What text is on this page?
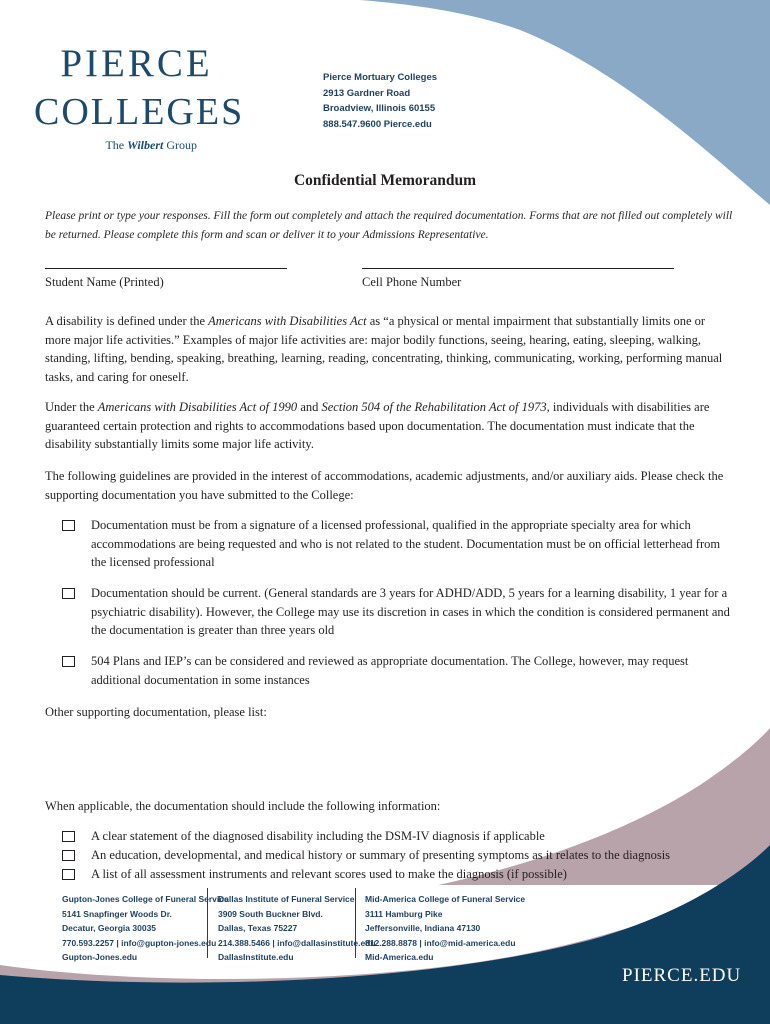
PIERCE
COLLEGES
The Wilbert Group
Pierce Mortuary Colleges
2913 Gardner Road
Broadview, Illinois 60155
888.547.9600 Pierce.edu
Confidential Memorandum
Please print or type your responses. Fill the form out completely and attach the required documentation. Forms that are not filled out completely will be returned. Please complete this form and scan or deliver it to your Admissions Representative.
Student Name (Printed)	Cell Phone Number
A disability is defined under the Americans with Disabilities Act as “a physical or mental impairment that substantially limits one or more major life activities.” Examples of major life activities are: major bodily functions, seeing, hearing, eating, sleeping, walking, standing, lifting, bending, speaking, breathing, learning, reading, concentrating, thinking, communicating, working, performing manual tasks, and caring for oneself.
Under the Americans with Disabilities Act of 1990 and Section 504 of the Rehabilitation Act of 1973, individuals with disabilities are guaranteed certain protection and rights to accommodations based upon documentation. The documentation must indicate that the disability substantially limits some major life activity.
The following guidelines are provided in the interest of accommodations, academic adjustments, and/or auxiliary aids. Please check the supporting documentation you have submitted to the College:
Documentation must be from a signature of a licensed professional, qualified in the appropriate specialty area for which accommodations are being requested and who is not related to the student. Documentation must be on official letterhead from the licensed professional
Documentation should be current. (General standards are 3 years for ADHD/ADD, 5 years for a learning disability, 1 year for a psychiatric disability). However, the College may use its discretion in cases in which the condition is considered permanent and the documentation is greater than three years old
504 Plans and IEP’s can be considered and reviewed as appropriate documentation. The College, however, may request additional documentation in some instances
Other supporting documentation, please list:
When applicable, the documentation should include the following information:
A clear statement of the diagnosed disability including the DSM-IV diagnosis if applicable
An education, developmental, and medical history or summary of presenting symptoms as it relates to the diagnosis
A list of all assessment instruments and relevant scores used to make the diagnosis (if possible)
Gupton-Jones College of Funeral Service
5141 Snapfinger Woods Dr.
Decatur, Georgia 30035
770.593.2257 | info@gupton-jones.edu
Gupton-Jones.edu
Dallas Institute of Funeral Service
3909 South Buckner Blvd.
Dallas, Texas 75227
214.388.5466 | info@dallasinstitute.edu
DallasInstitute.edu
Mid-America College of Funeral Service
3111 Hamburg Pike
Jeffersonville, Indiana 47130
812.288.8878 | info@mid-america.edu
Mid-America.edu
PIERCE.EDU
